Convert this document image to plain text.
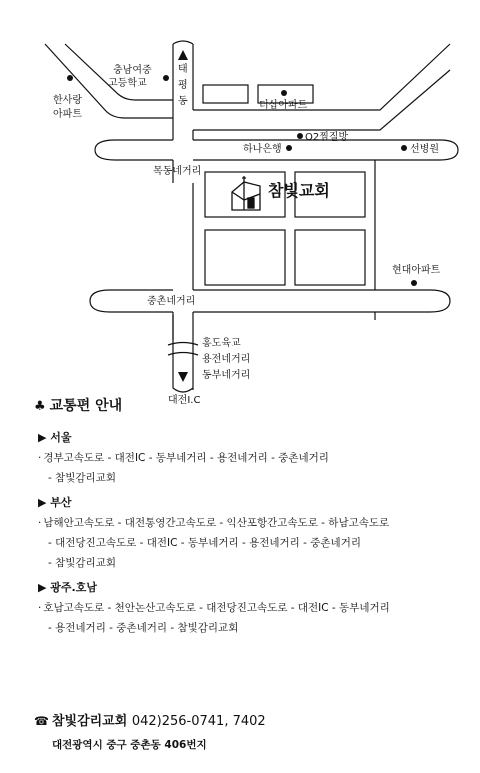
충남여중
고등학교
태
평
동
한사랑
아파트
더삽아파트
하나은행
O2찜질방
선병원
목동네거리
참빛교회
현대아파트
중촌네거리
홍도육교
용전네거리
동부네거리
대전I.C
♣ 교통편 안내
▶ 서울
· 경부고속도로 - 대전IC - 동부네거리 - 용전네거리 - 중촌네거리
- 참빛감리교회
▶ 부산
· 남해안고속도로 - 대전통영간고속도로 - 익산포항간고속도로 - 하남고속도로
- 대전당진고속도로 - 대전IC - 동부네거리 - 용전네거리 - 중촌네거리
- 참빛감리교회
▶ 광주.호남
· 호남고속도로 - 천안논산고속도로 - 대전당진고속도로 - 대전IC - 동부네거리
- 용전네거리 - 중촌네거리 - 참빛감리교회
☎ 참빛감리교회 042)256-0741, 7402
대전광역시 중구 중촌동 406번지
